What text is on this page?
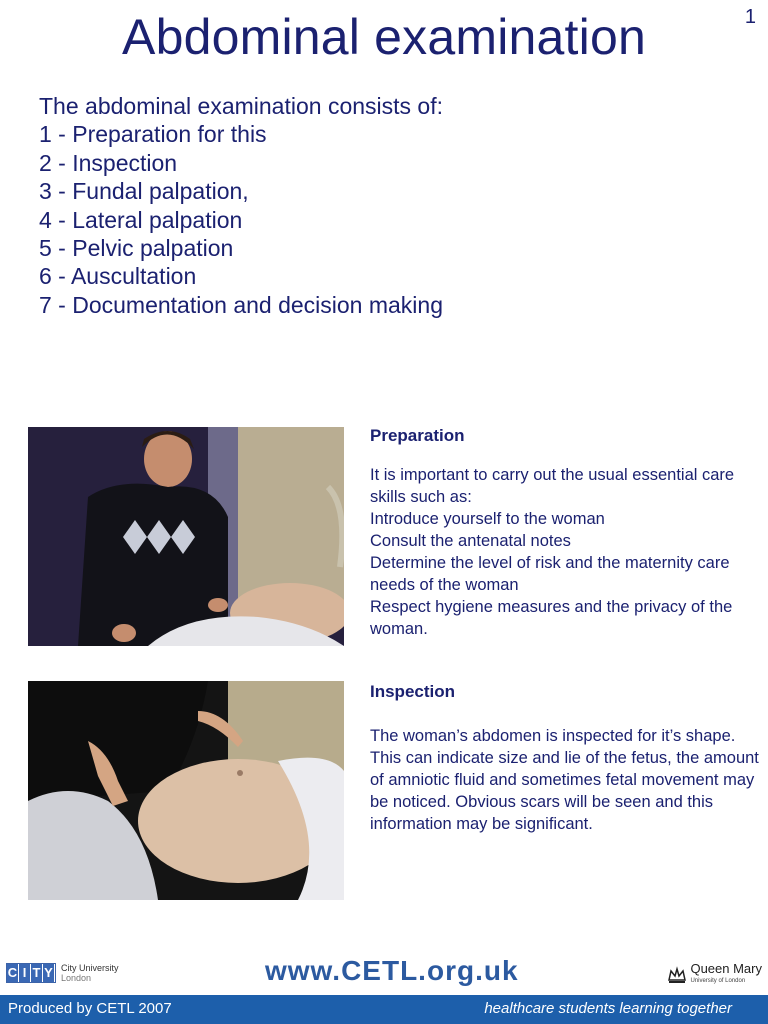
1
Abdominal examination
The abdominal examination consists of:
1 - Preparation for this
2 - Inspection
3 - Fundal palpation,
4 - Lateral palpation
5 - Pelvic palpation
6 - Auscultation
7 - Documentation and decision making

Preparation

It is important to carry out the usual essential care skills such as:

Introduce yourself to the woman

Consult the antenatal notes

Determine the level of risk and the maternity care needs of the woman

Respect hygiene measures and the privacy of the woman.

Inspection

The woman’s abdomen is inspected for it’s shape. This can indicate size and lie of the fetus, the amount of amniotic fluid and sometimes fetal movement may be noticed. Obvious scars will be seen and this information may be significant.

C I T Y City University
London	www.CETL.org.uk	Queen Mary
University of London
Produced by CETL 2007	healthcare students learning together
